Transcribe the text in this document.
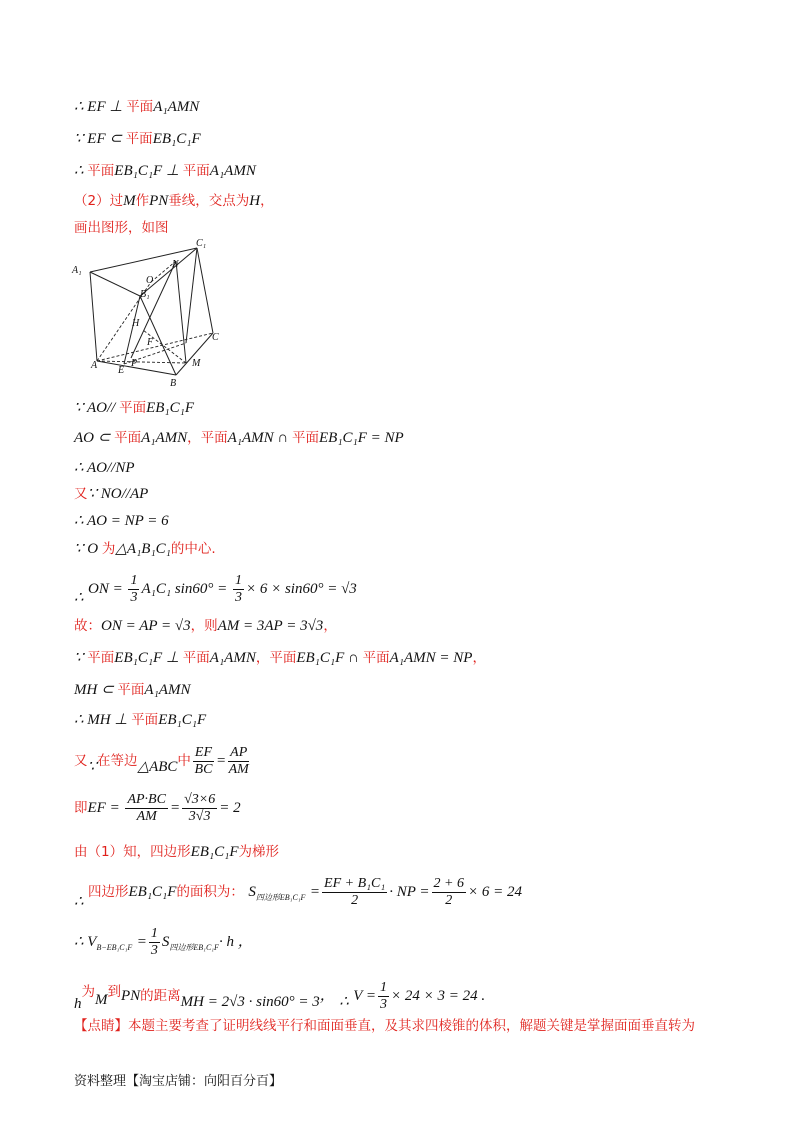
∴ EF ⊥ 平面A₁AMN
∵ EF ⊂ 平面EB₁C₁F
∴ 平面EB₁C₁F ⊥ 平面A₁AMN
（2）过M作PN垂线，交点为H，
画出图形，如图
A₁
C₁
N
O
B₁
H
F	C
A E
P	M
B
∵ AO// 平面EB₁C₁F
AO ⊂ 平面A₁AMN，平面A₁AMN ∩ 平面EB₁C₁F = NP
∴ AO//NP
又∵ NO//AP
∴ AO = NP = 6
∵ O 为△A₁B₁C₁的中心.
∴ ON = $\frac{1}{3} A_1C_1$ $\sin 60^\circ = \frac{1}{3} \times 6 \times \sin 60^\circ = √3$
故：ON = AP = √3，则AM = 3AP = 3√3，
∵ 平面EB₁C₁F ⊥ 平面A₁AMN，平面EB₁C₁F ∩ 平面A₁AMN = NP，
MH ⊂ 平面A₁AMN
∴ MH ⊥ 平面EB₁C₁F
又∵在等边△ABC中 $\frac{EF}{BC} = \frac{AP}{AM}$
即EF = $\frac{AP\cdot BC}{AM} = \frac{√3\times 6}{3√3} = 2$
由（1）知，四边形EB₁C₁F为梯形
∴ 四边形EB₁C₁F的面积为： $S_{四边形EB_1C_1F} = \frac{\text{EF + B₁C₁}}{2}$ · NP = $\frac{2 + 6}{2} \times 6 = 24$
∴ $V_{B-EB_1C_1F} = \frac{1}{3} S_{四边形EB_1C_1F}\cdot h$ ，
h为M到PN的距离MH = 2√3 · sin60° = 3， ∴ $V = \frac{1}{3} \times 24 \times 3 = 24$ .
【点睛】本题主要考查了证明线线平行和面面垂直，及其求四棱锥的体积，解题关键是掌握面面垂直转为
资料整理【淘宝店铺：向阳百分百】
